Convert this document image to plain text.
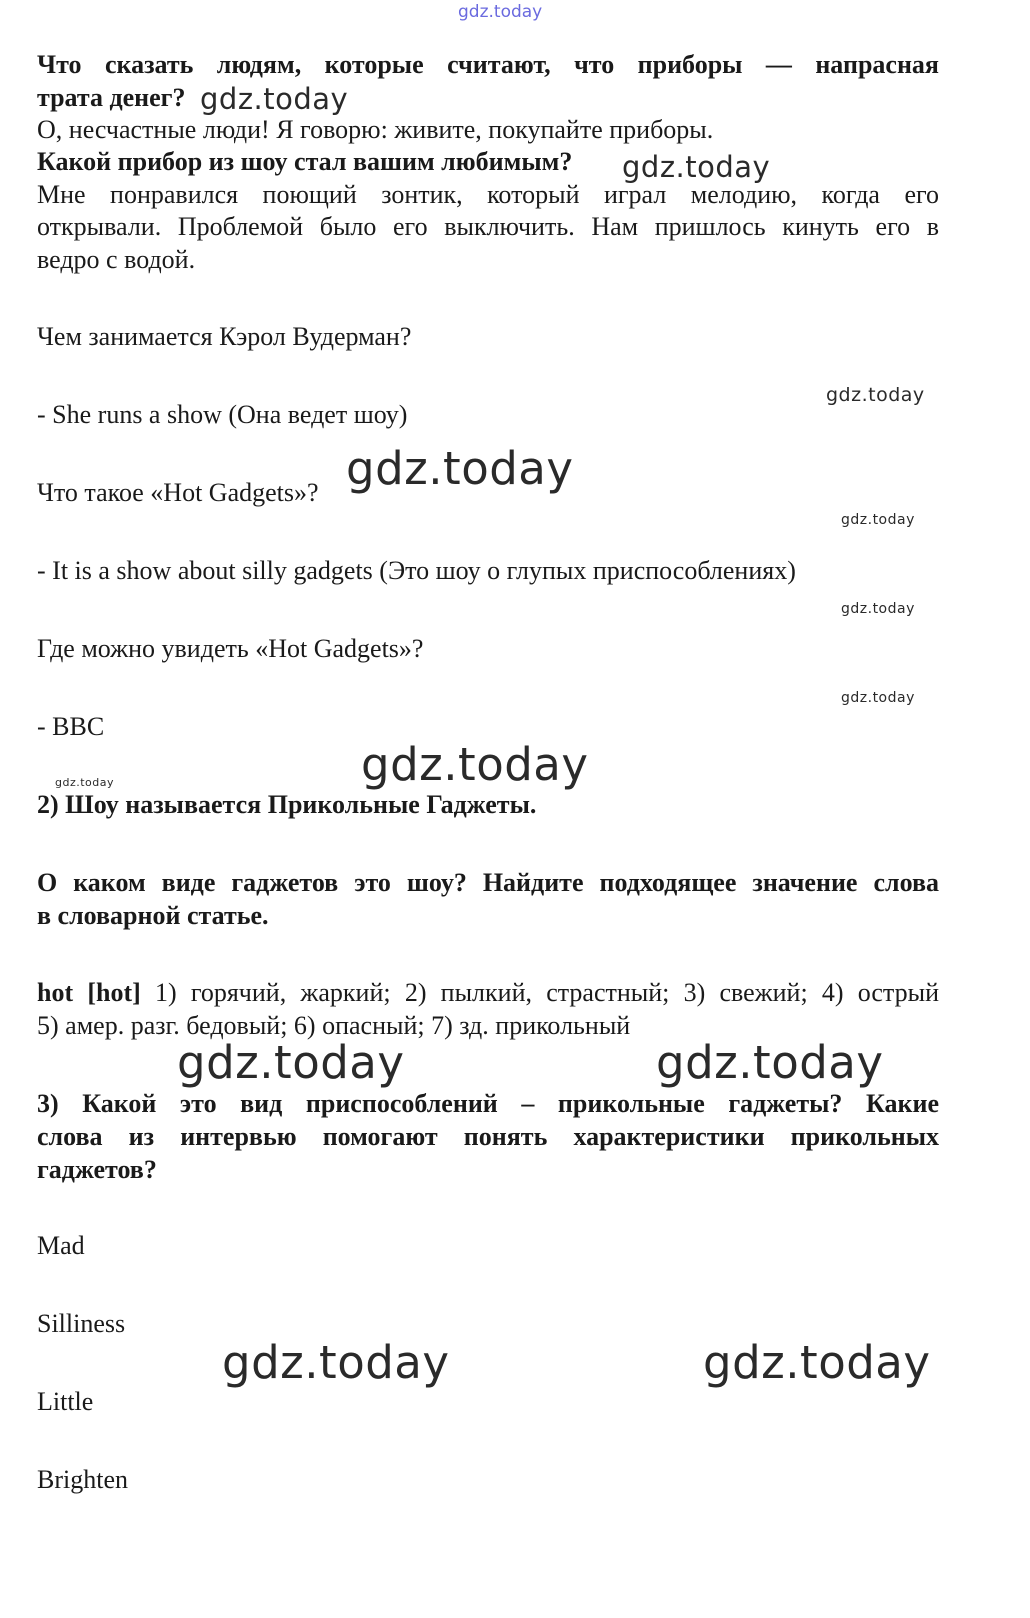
gdz.today

Что сказать людям, которые считают, что приборы — напрасная

трата денег? gdz.today

О, несчастные люди! Я говорю: живите, покупайте приборы.

Какой прибор из шоу стал вашим любимым?	gdz.today

Мне понравился поющий зонтик, который играл мелодию, когда его

открывали. Проблемой было его выключить. Нам пришлось кинуть его в

ведро с водой.

Чем занимается Кэрол Вудерман?

gdz.today

- She runs a show (Она ведет шоу)

gdz.today

Что такое «Hot Gadgets»?

gdz.today

- It is a show about silly gadgets (Это шоу о глупых приспособлениях)

gdz.today

Где можно увидеть «Hot Gadgets»?

gdz.today

- BBC

gdz.today
gdz.today

2) Шоу называется Прикольные Гаджеты.

О каком виде гаджетов это шоу? Найдите подходящее значение слова

в словарной статье.

hot [hot] 1) горячий, жаркий; 2) пылкий, страстный; 3) свежий; 4) острый

5) амер. разг. бедовый; 6) опасный; 7) зд. прикольный

gdz.today	gdz.today

3) Какой это вид приспособлений – прикольные гаджеты? Какие

слова из интервью помогают понять характеристики прикольных

гаджетов?

Mad

Silliness

gdz.today	gdz.today

Little

Brighten
